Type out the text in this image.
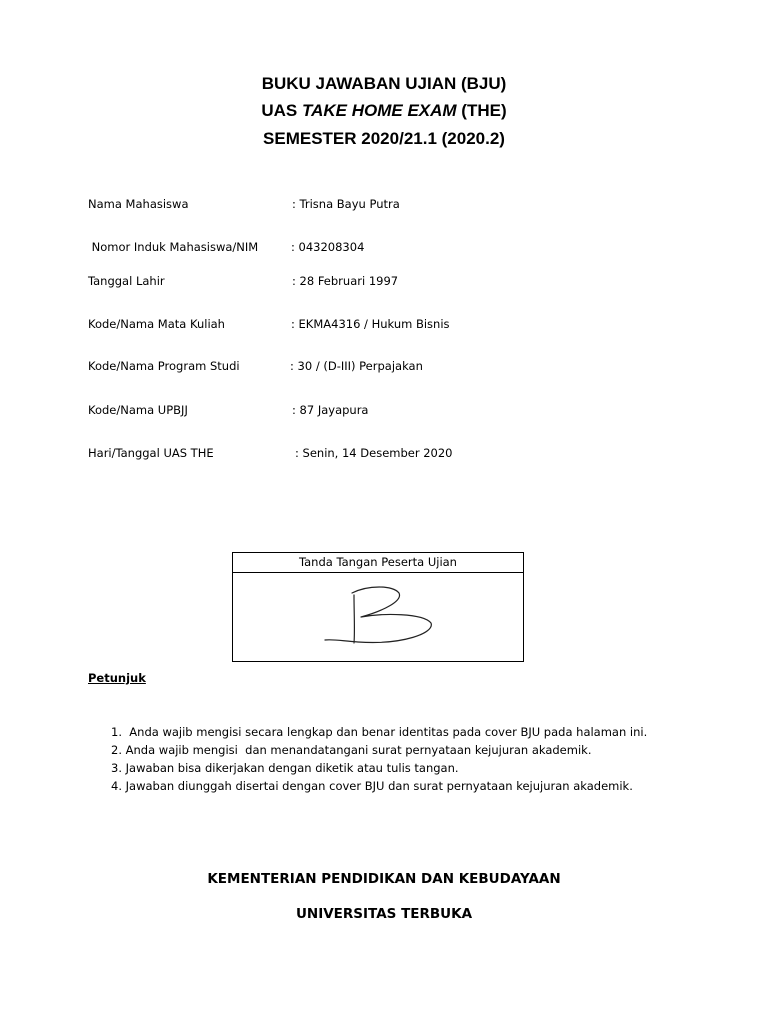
BUKU JAWABAN UJIAN (BJU)
UAS TAKE HOME EXAM (THE)
SEMESTER 2020/21.1 (2020.2)
Nama Mahasiswa	: Trisna Bayu Putra
Nomor Induk Mahasiswa/NIM	: 043208304
Tanggal Lahir	: 28 Februari 1997
Kode/Nama Mata Kuliah	: EKMA4316 / Hukum Bisnis
Kode/Nama Program Studi	: 30 / (D-III) Perpajakan
Kode/Nama UPBJJ	: 87 Jayapura
Hari/Tanggal UAS THE	: Senin, 14 Desember 2020
Tanda Tangan Peserta Ujian
Petunjuk
1.  Anda wajib mengisi secara lengkap dan benar identitas pada cover BJU pada halaman ini.
2. Anda wajib mengisi  dan menandatangani surat pernyataan kejujuran akademik.
3. Jawaban bisa dikerjakan dengan diketik atau tulis tangan.
4. Jawaban diunggah disertai dengan cover BJU dan surat pernyataan kejujuran akademik.
KEMENTERIAN PENDIDIKAN DAN KEBUDAYAAN
UNIVERSITAS TERBUKA
